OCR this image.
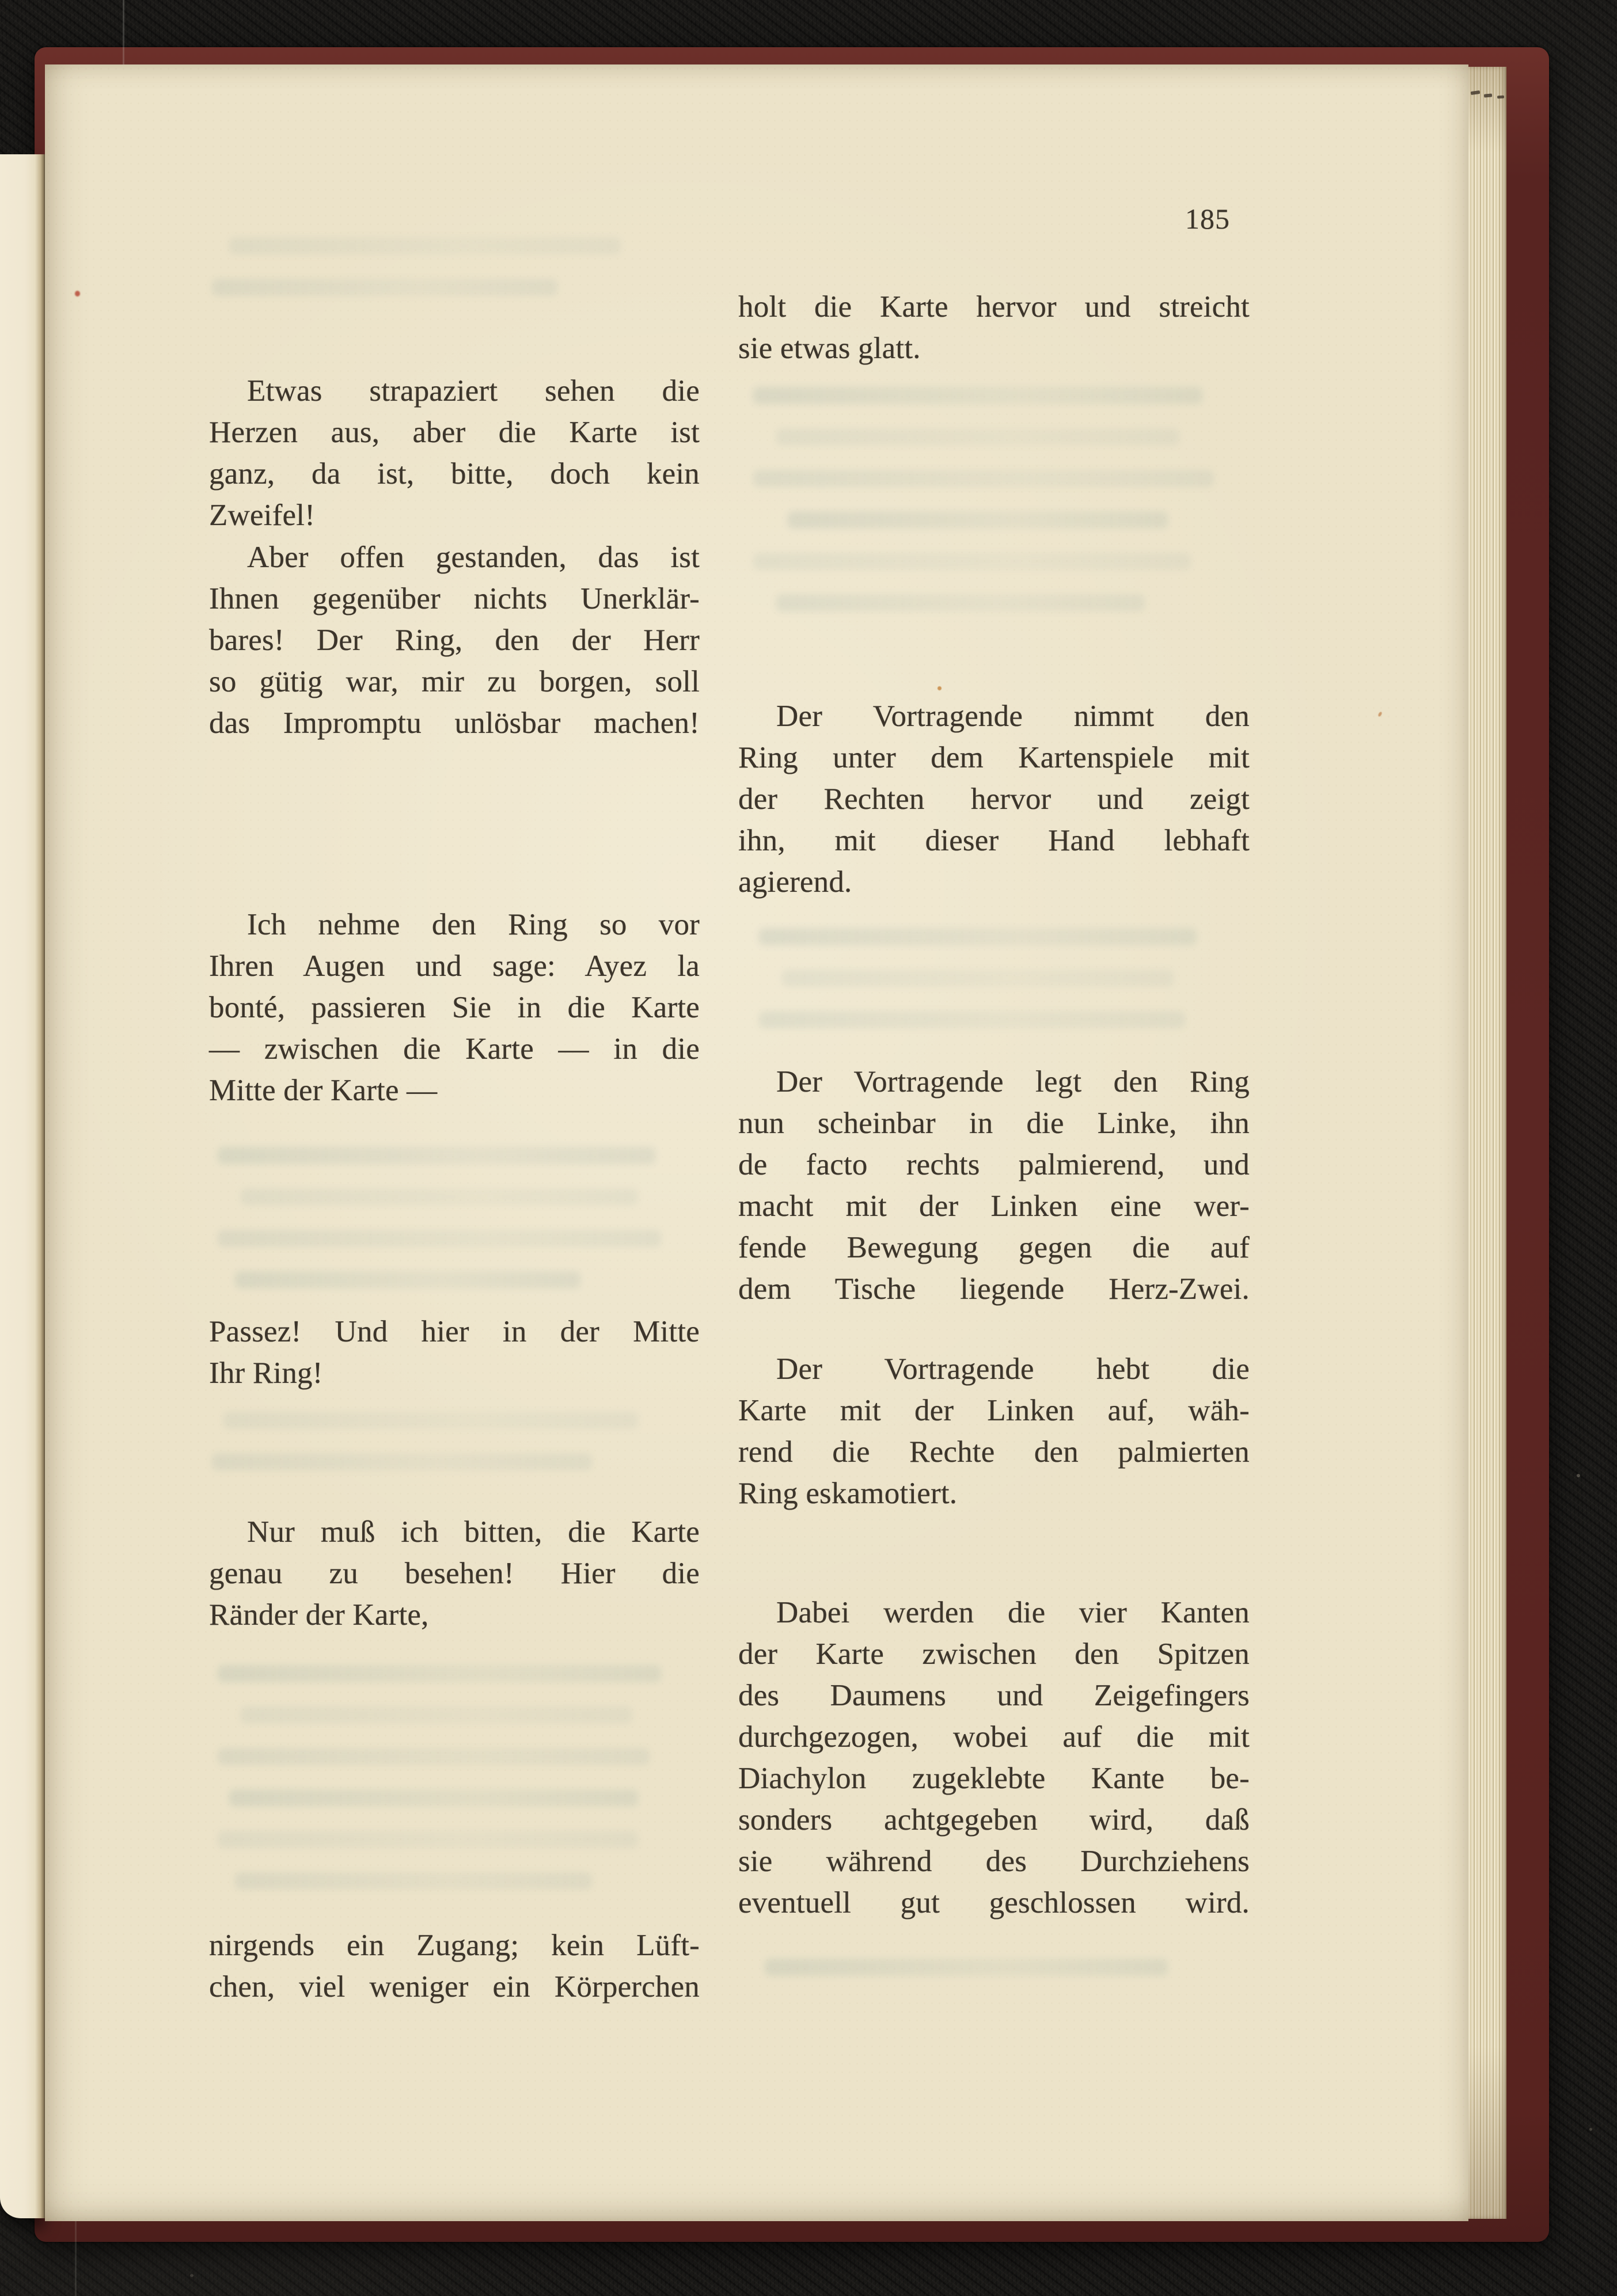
185
holt die Karte hervor und streicht
sie etwas glatt.
Der Vortragende nimmt den
Ring unter dem Kartenspiele mit
der Rechten hervor und zeigt
ihn, mit dieser Hand lebhaft
agierend.
Der Vortragende legt den Ring
nun scheinbar in die Linke, ihn
de facto rechts palmierend, und
macht mit der Linken eine wer-
fende Bewegung gegen die auf
dem Tische liegende Herz-Zwei.
Der Vortragende hebt die
Karte mit der Linken auf, wäh-
rend die Rechte den palmierten
Ring eskamotiert.
Dabei werden die vier Kanten
der Karte zwischen den Spitzen
des Daumens und Zeigefingers
durchgezogen, wobei auf die mit
Diachylon zugeklebte Kante be-
sonders achtgegeben wird, daß
sie während des Durchziehens
eventuell gut geschlossen wird.
Etwas strapaziert sehen die
Herzen aus, aber die Karte ist
ganz, da ist, bitte, doch kein
Zweifel!
Aber offen gestanden, das ist
Ihnen gegenüber nichts Unerklär-
bares! Der Ring, den der Herr
so gütig war, mir zu borgen, soll
das Impromptu unlösbar machen!
Ich nehme den Ring so vor
Ihren Augen und sage: Ayez la
bonté, passieren Sie in die Karte
— zwischen die Karte — in die
Mitte der Karte —
Passez! Und hier in der Mitte
Ihr Ring!
Nur muß ich bitten, die Karte
genau zu besehen! Hier die
Ränder der Karte,
nirgends ein Zugang; kein Lüft-
chen, viel weniger ein Körperchen
